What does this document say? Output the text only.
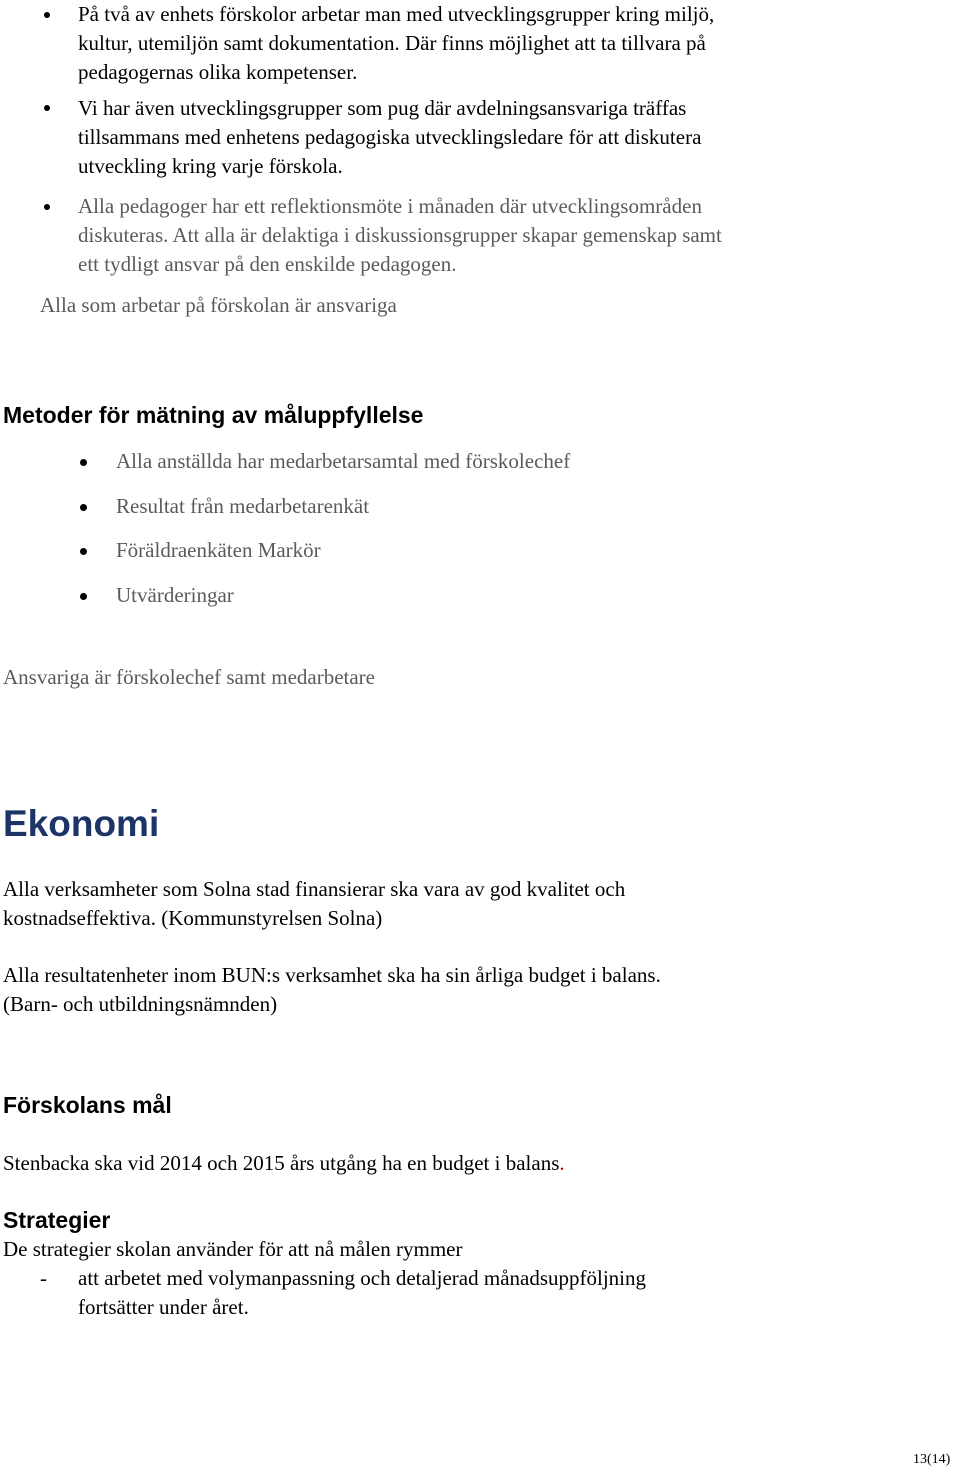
På två av enhets förskolor arbetar man med utvecklingsgrupper kring miljö,
kultur, utemiljön samt dokumentation. Där finns möjlighet att ta tillvara på
pedagogernas olika kompetenser.
Vi har även utvecklingsgrupper som pug där avdelningsansvariga träffas
tillsammans med enhetens pedagogiska utvecklingsledare för att diskutera
utveckling kring varje förskola.
Alla pedagoger har ett reflektionsmöte i månaden där utvecklingsområden
diskuteras. Att alla är delaktiga i diskussionsgrupper skapar gemenskap samt
ett tydligt ansvar på den enskilde pedagogen.
Alla som arbetar på förskolan är ansvariga
Metoder för mätning av måluppfyllelse
Alla anställda har medarbetarsamtal med förskolechef
Resultat från medarbetarenkät
Föräldraenkäten Markör
Utvärderingar
Ansvariga är förskolechef samt medarbetare
Ekonomi
Alla verksamheter som Solna stad finansierar ska vara av god kvalitet och
kostnadseffektiva. (Kommunstyrelsen Solna)
Alla resultatenheter inom BUN:s verksamhet ska ha sin årliga budget i balans.
(Barn- och utbildningsnämnden)
Förskolans mål
Stenbacka ska vid 2014 och 2015 års utgång ha en budget i balans.
Strategier
De strategier skolan använder för att nå målen rymmer
- att arbetet med volymanpassning och detaljerad månadsuppföljning
fortsätter under året.
13(14)
